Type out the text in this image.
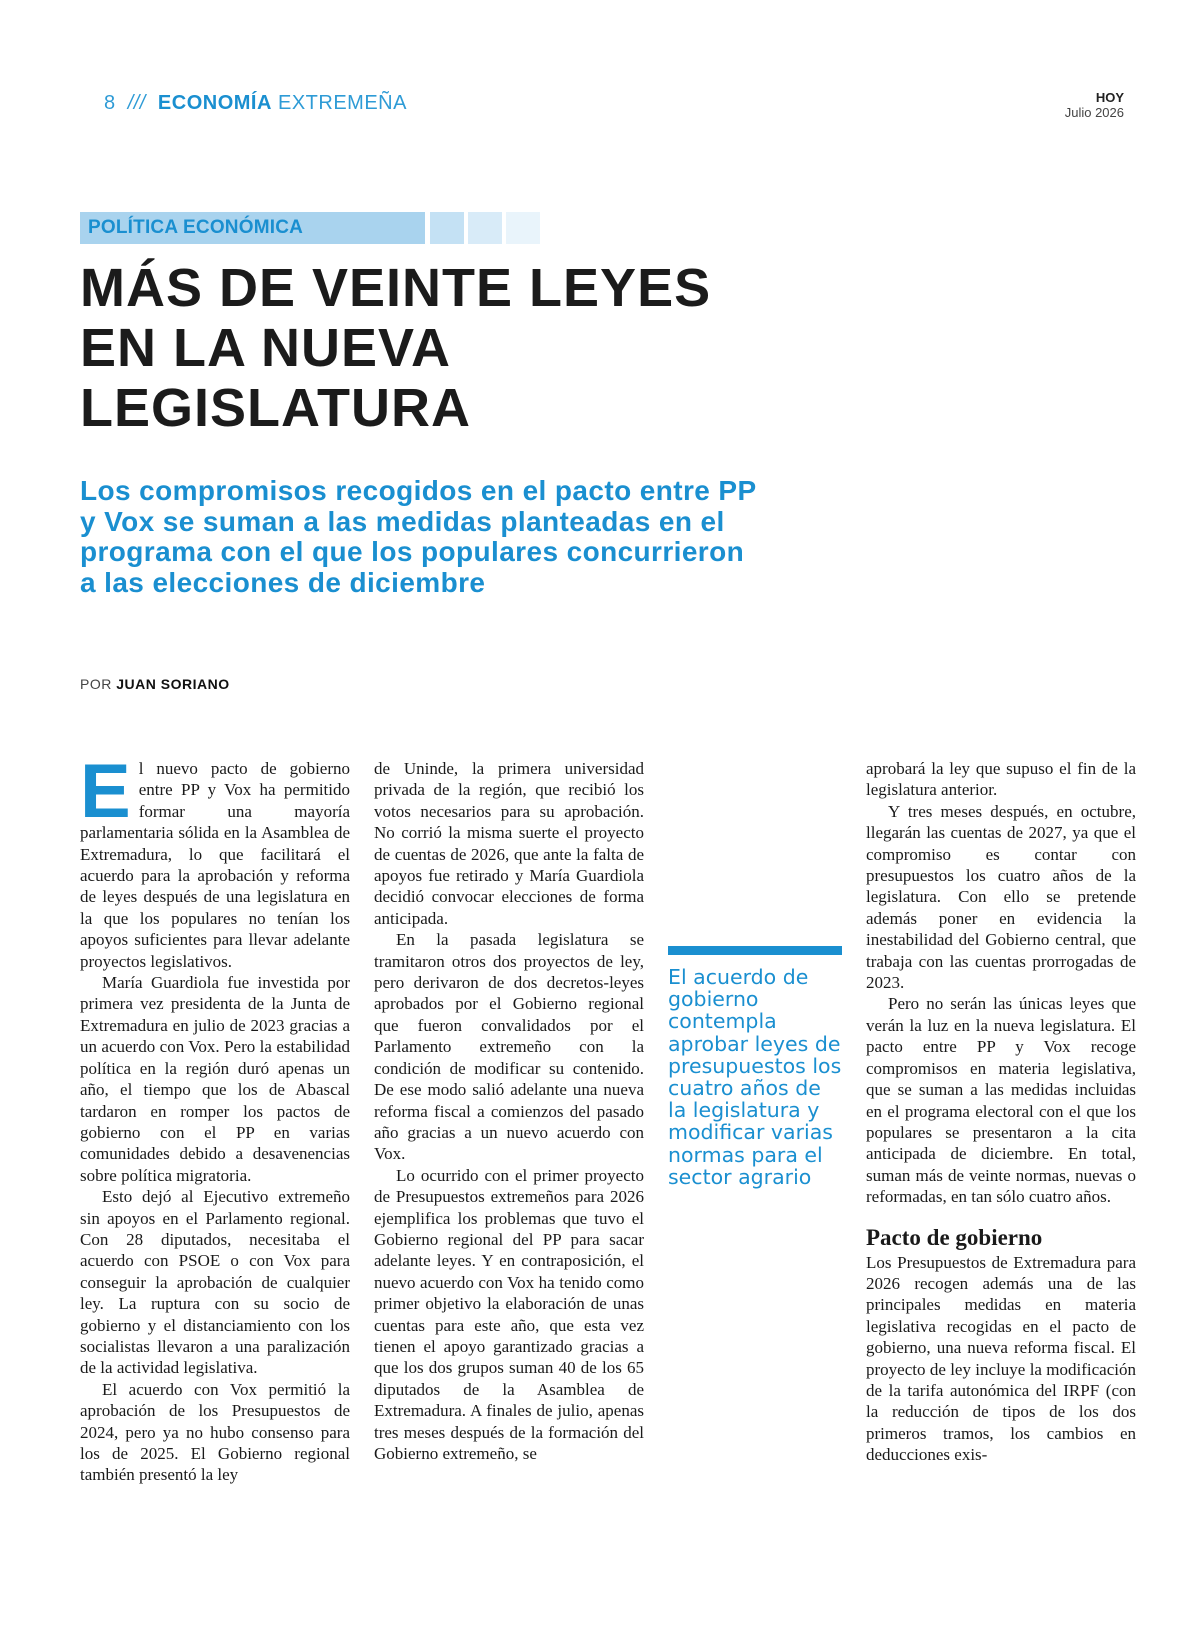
8 /// ECONOMÍA EXTREMEÑA	HOY
Julio 2026
POLÍTICA ECONÓMICA
MÁS DE VEINTE LEYES EN LA NUEVA LEGISLATURA
Los compromisos recogidos en el pacto entre PP y Vox se suman a las medidas planteadas en el programa con el que los populares concurrieron a las elecciones de diciembre
POR JUAN SORIANO
E l nuevo pacto de gobierno entre PP y Vox ha permitido formar una mayoría parlamentaria sólida en la Asamblea de Extremadura, lo que facilitará el acuerdo para la aprobación y reforma de leyes después de una legislatura en la que los populares no tenían los apoyos suficientes para llevar adelante proyectos legislativos.

María Guardiola fue investida por primera vez presidenta de la Junta de Extremadura en julio de 2023 gracias a un acuerdo con Vox. Pero la estabilidad política en la región duró apenas un año, el tiempo que los de Abascal tardaron en romper los pactos de gobierno con el PP en varias comunidades debido a desavenencias sobre política migratoria.

Esto dejó al Ejecutivo extremeño sin apoyos en el Parlamento regional. Con 28 diputados, necesitaba el acuerdo con PSOE o con Vox para conseguir la aprobación de cualquier ley. La ruptura con su socio de gobierno y el distanciamiento con los socialistas llevaron a una paralización de la actividad legislativa.

El acuerdo con Vox permitió la aprobación de los Presupuestos de 2024, pero ya no hubo consenso para los de 2025. El Gobierno regional también presentó la ley

de Uninde, la primera universidad privada de la región, que recibió los votos necesarios para su aprobación. No corrió la misma suerte el proyecto de cuentas de 2026, que ante la falta de apoyos fue retirado y María Guardiola decidió convocar elecciones de forma anticipada.

En la pasada legislatura se tramitaron otros dos proyectos de ley, pero derivaron de dos decretos-leyes aprobados por el Gobierno regional que fueron convalidados por el Parlamento extremeño con la condición de modificar su contenido. De ese modo salió adelante una nueva reforma fiscal a comienzos del pasado año gracias a un nuevo acuerdo con Vox.

Lo ocurrido con el primer proyecto de Presupuestos extremeños para 2026 ejemplifica los problemas que tuvo el Gobierno regional del PP para sacar adelante leyes. Y en contraposición, el nuevo acuerdo con Vox ha tenido como primer objetivo la elaboración de unas cuentas para este año, que esta vez tienen el apoyo garantizado gracias a que los dos grupos suman 40 de los 65 diputados de la Asamblea de Extremadura. A finales de julio, apenas tres meses después de la formación del Gobierno extremeño, se

El acuerdo de gobierno contempla aprobar leyes de presupuestos los cuatro años de la legislatura y modificar varias normas para el sector agrario

aprobará la ley que supuso el fin de la legislatura anterior.

Y tres meses después, en octubre, llegarán las cuentas de 2027, ya que el compromiso es contar con presupuestos los cuatro años de la legislatura. Con ello se pretende además poner en evidencia la inestabilidad del Gobierno central, que trabaja con las cuentas prorrogadas de 2023.

Pero no serán las únicas leyes que verán la luz en la nueva legislatura. El pacto entre PP y Vox recoge compromisos en materia legislativa, que se suman a las medidas incluidas en el programa electoral con el que los populares se presentaron a la cita anticipada de diciembre. En total, suman más de veinte normas, nuevas o reformadas, en tan sólo cuatro años.

Pacto de gobierno

Los Presupuestos de Extremadura para 2026 recogen además una de las principales medidas en materia legislativa recogidas en el pacto de gobierno, una nueva reforma fiscal. El proyecto de ley incluye la modificación de la tarifa autonómica del IRPF (con la reducción de tipos de los dos primeros tramos, los cambios en deducciones exis-
